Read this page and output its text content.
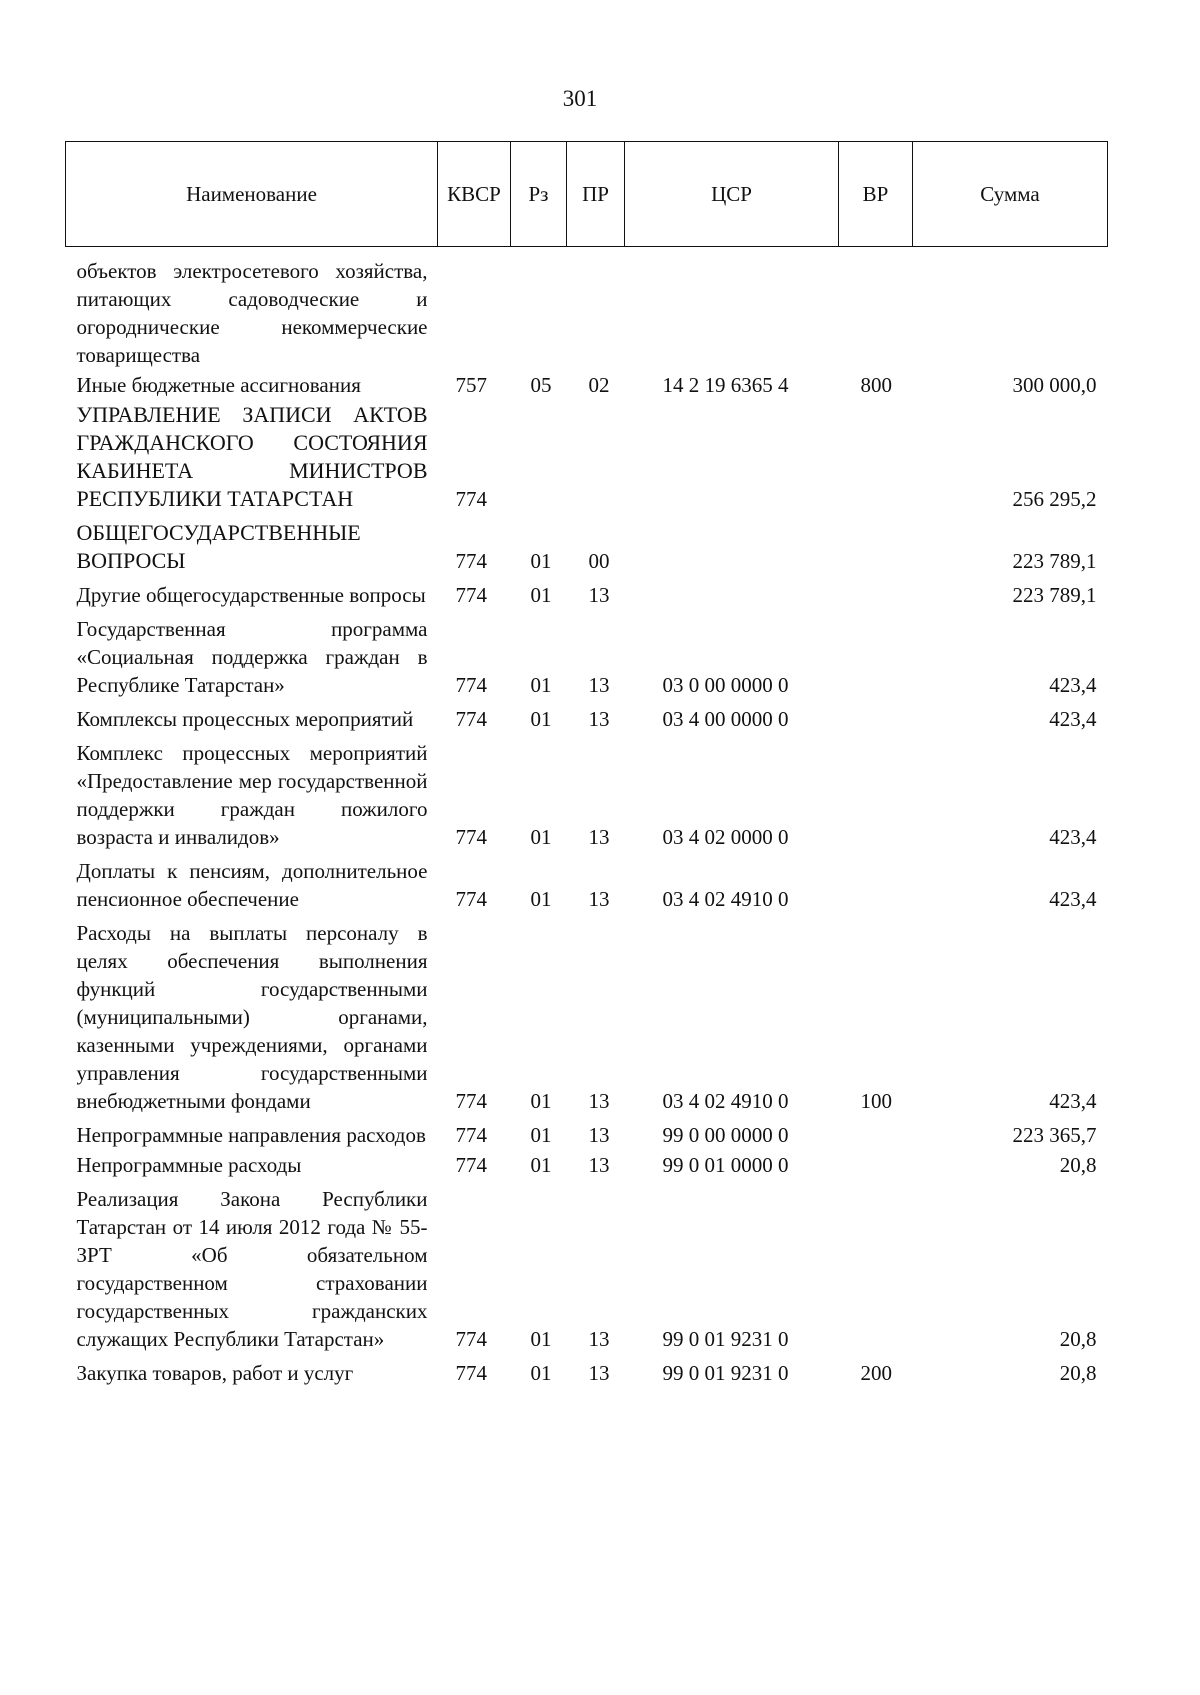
301
Наименование	КВСР	Рз	ПР	ЦСР	ВР	Сумма
объектов электросетевого хозяйства, питающих садоводческие и огороднические некоммерческие товарищества						
Иные бюджетные ассигнования	757	05	02	14 2 19 6365 4	800	300 000,0
УПРАВЛЕНИЕ ЗАПИСИ АКТОВ ГРАЖДАНСКОГО СОСТОЯНИЯ КАБИНЕТА МИНИСТРОВ РЕСПУБЛИКИ ТАТАРСТАН	774					256 295,2
ОБЩЕГОСУДАРСТВЕННЫЕ ВОПРОСЫ	774	01	00			223 789,1
Другие общегосударственные вопросы	774	01	13			223 789,1
Государственная программа «Социальная поддержка граждан в Республике Татарстан»	774	01	13	03 0 00 0000 0		423,4
Комплексы процессных мероприятий	774	01	13	03 4 00 0000 0		423,4
Комплекс процессных мероприятий «Предоставление мер государственной поддержки граждан пожилого возраста и инвалидов»	774	01	13	03 4 02 0000 0		423,4
Доплаты к пенсиям, дополнительное пенсионное обеспечение	774	01	13	03 4 02 4910 0		423,4
Расходы на выплаты персоналу в целях обеспечения выполнения функций государственными (муниципальными) органами, казенными учреждениями, органами управления государственными внебюджетными фондами	774	01	13	03 4 02 4910 0	100	423,4
Непрограммные направления расходов	774	01	13	99 0 00 0000 0		223 365,7
Непрограммные расходы	774	01	13	99 0 01 0000 0		20,8
Реализация Закона Республики Татарстан от 14 июля 2012 года № 55-ЗРТ «Об обязательном государственном страховании государственных гражданских служащих Республики Татарстан»	774	01	13	99 0 01 9231 0		20,8
Закупка товаров, работ и услуг	774	01	13	99 0 01 9231 0	200	20,8
